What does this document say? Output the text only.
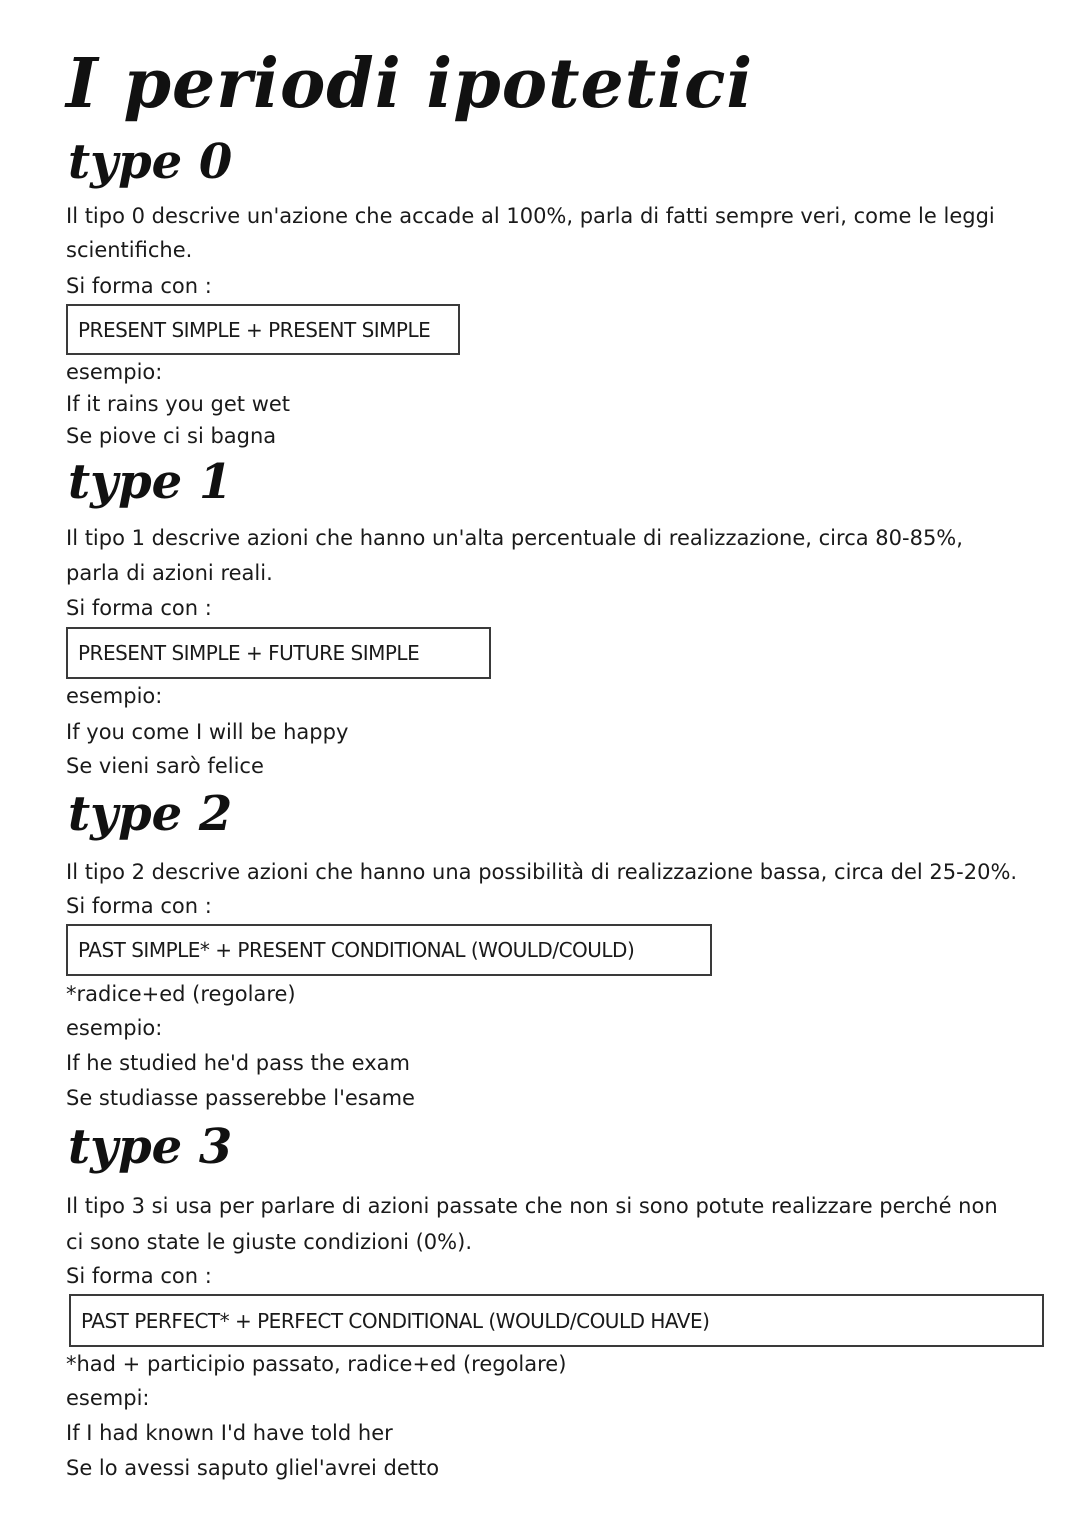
I periodi ipotetici
type 0

Il tipo 0 descrive un'azione che accade al 100%, parla di fatti sempre veri, come le leggi

scientifiche.

Si forma con :

PRESENT SIMPLE + PRESENT SIMPLE

esempio:

If it rains you get wet

Se piove ci si bagna

type 1

Il tipo 1 descrive azioni che hanno un'alta percentuale di realizzazione, circa 80-85%,

parla di azioni reali.

Si forma con :

PRESENT SIMPLE + FUTURE SIMPLE

esempio:

If you come I will be happy

Se vieni sarò felice

type 2

Il tipo 2 descrive azioni che hanno una possibilità di realizzazione bassa, circa del 25-20%.

Si forma con :

PAST SIMPLE* + PRESENT CONDITIONAL (WOULD/COULD)

*radice+ed (regolare)

esempio:

If he studied he'd pass the exam

Se studiasse passerebbe l'esame

type 3

Il tipo 3 si usa per parlare di azioni passate che non si sono potute realizzare perché non

ci sono state le giuste condizioni (0%).

Si forma con :

PAST PERFECT* + PERFECT CONDITIONAL (WOULD/COULD HAVE)

*had + participio passato, radice+ed (regolare)

esempi:

If I had known I'd have told her

Se lo avessi saputo gliel'avrei detto
